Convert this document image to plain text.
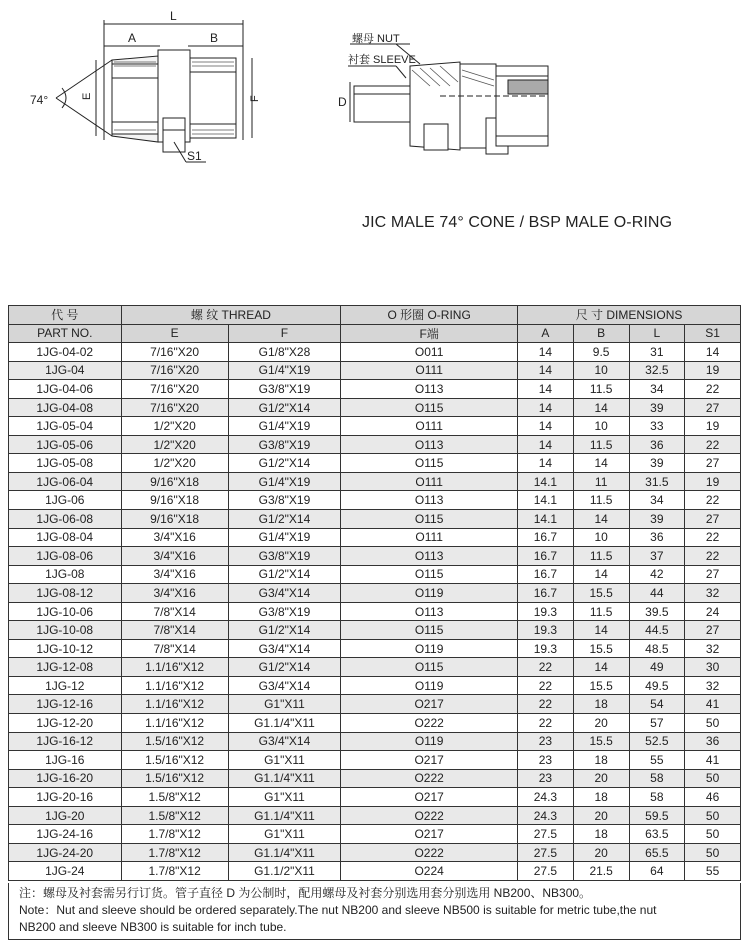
L
A	B
E	F
74°
S1
螺母 NUT
衬套 SLEEVE
D
JIC MALE 74° CONE / BSP MALE O-RING
代 号	螺 纹 THREAD		O 形圈 O-RING	尺 寸 DIMENSIONS			
PART NO.	E	F	F端	A	B	L	S1
1JG-04-02	7/16"X20	G1/8"X28	O011	14	9.5	31	14
1JG-04	7/16"X20	G1/4"X19	O111	14	10	32.5	19
1JG-04-06	7/16"X20	G3/8"X19	O113	14	11.5	34	22
1JG-04-08	7/16"X20	G1/2"X14	O115	14	14	39	27
1JG-05-04	1/2"X20	G1/4"X19	O111	14	10	33	19
1JG-05-06	1/2"X20	G3/8"X19	O113	14	11.5	36	22
1JG-05-08	1/2"X20	G1/2"X14	O115	14	14	39	27
1JG-06-04	9/16"X18	G1/4"X19	O111	14.1	11	31.5	19
1JG-06	9/16"X18	G3/8"X19	O113	14.1	11.5	34	22
1JG-06-08	9/16"X18	G1/2"X14	O115	14.1	14	39	27
1JG-08-04	3/4"X16	G1/4"X19	O111	16.7	10	36	22
1JG-08-06	3/4"X16	G3/8"X19	O113	16.7	11.5	37	22
1JG-08	3/4"X16	G1/2"X14	O115	16.7	14	42	27
1JG-08-12	3/4"X16	G3/4"X14	O119	16.7	15.5	44	32
1JG-10-06	7/8"X14	G3/8"X19	O113	19.3	11.5	39.5	24
1JG-10-08	7/8"X14	G1/2"X14	O115	19.3	14	44.5	27
1JG-10-12	7/8"X14	G3/4"X14	O119	19.3	15.5	48.5	32
1JG-12-08	1.1/16"X12	G1/2"X14	O115	22	14	49	30
1JG-12	1.1/16"X12	G3/4"X14	O119	22	15.5	49.5	32
1JG-12-16	1.1/16"X12	G1"X11	O217	22	18	54	41
1JG-12-20	1.1/16"X12	G1.1/4"X11	O222	22	20	57	50
1JG-16-12	1.5/16"X12	G3/4"X14	O119	23	15.5	52.5	36
1JG-16	1.5/16"X12	G1"X11	O217	23	18	55	41
1JG-16-20	1.5/16"X12	G1.1/4"X11	O222	23	20	58	50
1JG-20-16	1.5/8"X12	G1"X11	O217	24.3	18	58	46
1JG-20	1.5/8"X12	G1.1/4"X11	O222	24.3	20	59.5	50
1JG-24-16	1.7/8"X12	G1"X11	O217	27.5	18	63.5	50
1JG-24-20	1.7/8"X12	G1.1/4"X11	O222	27.5	20	65.5	50
1JG-24	1.7/8"X12	G1.1/2"X11	O224	27.5	21.5	64	55
注：螺母及衬套需另行订货。管子直径 D 为公制时，配用螺母及衬套分别选用套分别选用 NB200、NB300。
Note：Nut and sleeve should be ordered separately.The nut NB200 and sleeve NB500 is suitable for metric tube,the nut
NB200 and sleeve NB300 is suitable for inch tube.
